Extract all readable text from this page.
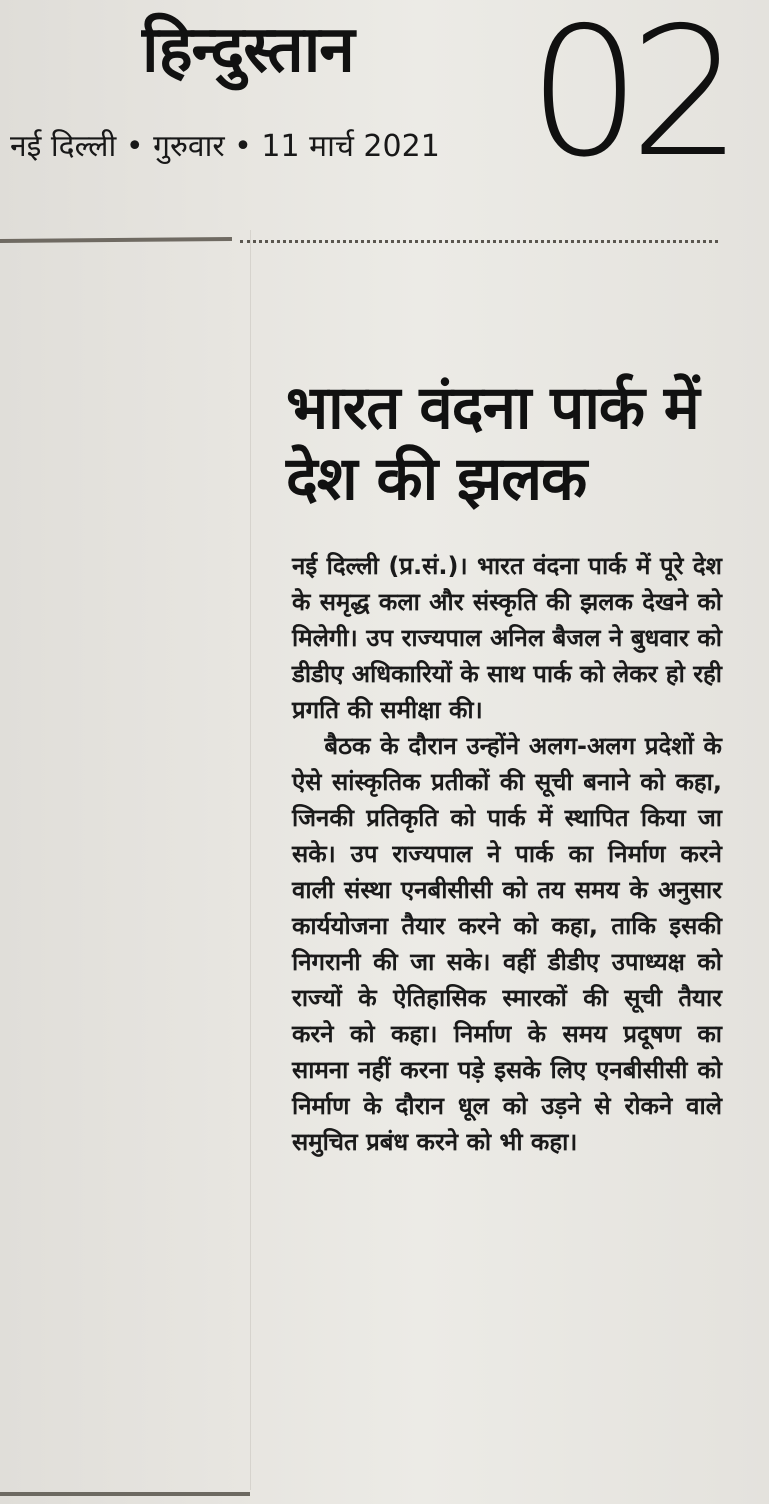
हिन्दुस्तान
नई दिल्ली • गुरुवार • 11 मार्च 2021 02
भारत वंदना पार्क में देश की झलक

नई दिल्ली (प्र.सं.)। भारत वंदना पार्क में पूरे देश के समृद्ध कला और संस्कृति की झलक देखने को मिलेगी। उप राज्यपाल अनिल बैजल ने बुधवार को डीडीए अधिकारियों के साथ पार्क को लेकर हो रही प्रगति की समीक्षा की।

बैठक के दौरान उन्होंने अलग-अलग प्रदेशों के ऐसे सांस्कृतिक प्रतीकों की सूची बनाने को कहा, जिनकी प्रतिकृति को पार्क में स्थापित किया जा सके। उप राज्यपाल ने पार्क का निर्माण करने वाली संस्था एनबीसीसी को तय समय के अनुसार कार्ययोजना तैयार करने को कहा, ताकि इसकी निगरानी की जा सके। वहीं डीडीए उपाध्यक्ष को राज्यों के ऐतिहासिक स्मारकों की सूची तैयार करने को कहा। निर्माण के समय प्रदूषण का सामना नहीं करना पड़े इसके लिए एनबीसीसी को निर्माण के दौरान धूल को उड़ने से रोकने वाले समुचित प्रबंध करने को भी कहा।
